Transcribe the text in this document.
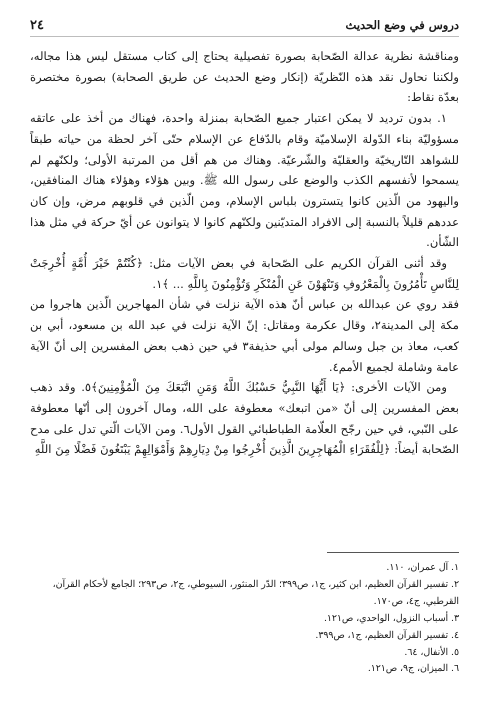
دروس في وضع الحديث
٢٤

ومناقشة نظرية عدالة الصّحابة بصورة تفصيلية يحتاج إلى كتاب مستقل ليس هذا مجاله، ولكننا نحاول نقد هذه النّظريّة (إنكار وضع الحديث عن طريق الصحابة) بصورة مختصرة بعدّة نقاط:

١. بدون ترديد لا يمكن اعتبار جميع الصّحابة بمنزلة واحدة، فهناك من أخذ على عاتقه مسؤوليّة بناء الدّولة الإسلاميّة وقام بالدّفاع عن الإسلام حتّى آخر لحظة من حياته طبقاً للشواهد التّاريخيّة والعقليّة والشّرعيّة. وهناك من هم أقل من المرتبة الأولى؛ ولكنّهم لم يسمحوا لأنفسهم الكذب والوضع على رسول الله ﷺ. وبين هؤلاء وهؤلاء هناك المنافقين، واليهود من الّذين كانوا يتسترون بلباس الإسلام، ومن الّذين في قلوبهم مرض، وإن كان عددهم قليلاً بالنسبة إلى الافراد المتديّنين ولكنّهم كانوا لا يتوانون عن أيّ حركة في مثل هذا الشّأن.

وقد أثنى القرآن الكريم على الصّحابة في بعض الآيات مثل: ﴿كُنْتُمْ خَيْرَ أُمَّةٍ أُخْرِجَتْ لِلنَّاسِ تَأْمُرُونَ بِالْمَعْرُوفِ وَتَنْهَوْنَ عَنِ الْمُنْكَرِ وَتُؤْمِنُونَ بِاللَّهِ ... ﴾١.

فقد روي عن عبدالله بن عباس أنّ هذه الآية نزلت في شأن المهاجرين الّذين هاجروا من مكة إلى المدينة٢، وقال عكرمة ومقاتل: إنّ الآية نزلت في عبد الله بن مسعود، أبي بن كعب، معاذ بن جبل وسالم مولى أبي حذيفة٣ في حين ذهب بعض المفسرين إلى أنّ الآية عامة وشاملة لجميع الأمم٤.

ومن الآيات الأخرى: ﴿يَا أَيُّهَا النَّبِيُّ حَسْبُكَ اللَّهُ وَمَنِ اتَّبَعَكَ مِنَ الْمُؤْمِنِينَ﴾٥. وقد ذهب بعض المفسرين إلى أنّ «من اتبعك» معطوفة على الله، ومال آخرون إلى أنّها معطوفة على النّبي، في حين رجّح العلّامة الطباطبائي القول الأول٦. ومن الآيات الّتي تدل على مدح الصّحابة أيضاً: ﴿لِلْفُقَرَاءِ الْمُهَاجِرِينَ الَّذِينَ أُخْرِجُوا مِنْ دِيَارِهِمْ وَأَمْوَالِهِمْ يَبْتَغُونَ فَضْلًا مِنَ اللَّهِ

١. آل عمران، ١١٠.
٢. تفسير القرآن العظيم، ابن كثير، ج١، ص٣٩٩؛ الدّر المنثور، السيوطي، ج٢، ص٢٩٣؛ الجامع لأحكام القرآن، القرطبي، ج٤، ص١٧٠.
٣. أسباب النزول، الواحدي، ص١٢١.
٤. تفسير القرآن العظيم، ج١، ص٣٩٩.
٥. الأنفال، ٦٤.
٦. الميزان، ج٩، ص١٢١.
